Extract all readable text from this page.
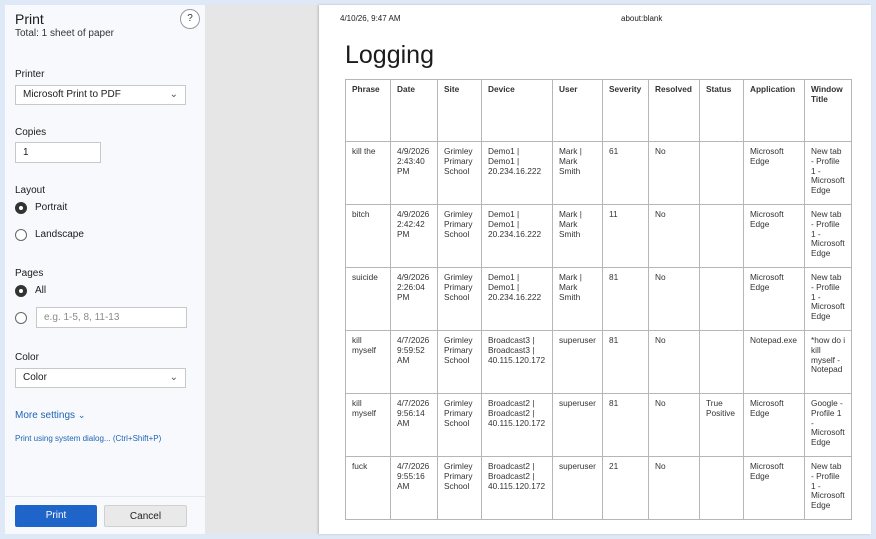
Print
Total: 1 sheet of paper
?
Printer
Microsoft Print to PDF	⌄
Copies
1
Layout
Portrait
Landscape
Pages
All
e.g. 1-5, 8, 11-13
Color
Color	⌄
More settings ⌄
Print using system dialog... (Ctrl+Shift+P)
Print	Cancel
4/10/26, 9:47 AM	about:blank
Logging
Phrase	Date	Site	Device	User	Severity	Resolved	Status	Application	Window Title
kill the	4/9/2026 2:43:40 PM	Grimley Primary School	Demo1 | Demo1 | 20.234.16.222	Mark | Mark Smith	61	No		Microsoft Edge	New tab - Profile 1 - Microsoft Edge
bitch	4/9/2026 2:42:42 PM	Grimley Primary School	Demo1 | Demo1 | 20.234.16.222	Mark | Mark Smith	11	No		Microsoft Edge	New tab - Profile 1 - Microsoft Edge
suicide	4/9/2026 2:26:04 PM	Grimley Primary School	Demo1 | Demo1 | 20.234.16.222	Mark | Mark Smith	81	No		Microsoft Edge	New tab - Profile 1 - Microsoft Edge
kill myself	4/7/2026 9:59:52 AM	Grimley Primary School	Broadcast3 | Broadcast3 | 40.115.120.172	superuser	81	No		Notepad.exe	*how do i kill myself - Notepad
kill myself	4/7/2026 9:56:14 AM	Grimley Primary School	Broadcast2 | Broadcast2 | 40.115.120.172	superuser	81	No	True Positive	Microsoft Edge	Google - Profile 1 - Microsoft Edge
fuck	4/7/2026 9:55:16 AM	Grimley Primary School	Broadcast2 | Broadcast2 | 40.115.120.172	superuser	21	No		Microsoft Edge	New tab - Profile 1 - Microsoft Edge
